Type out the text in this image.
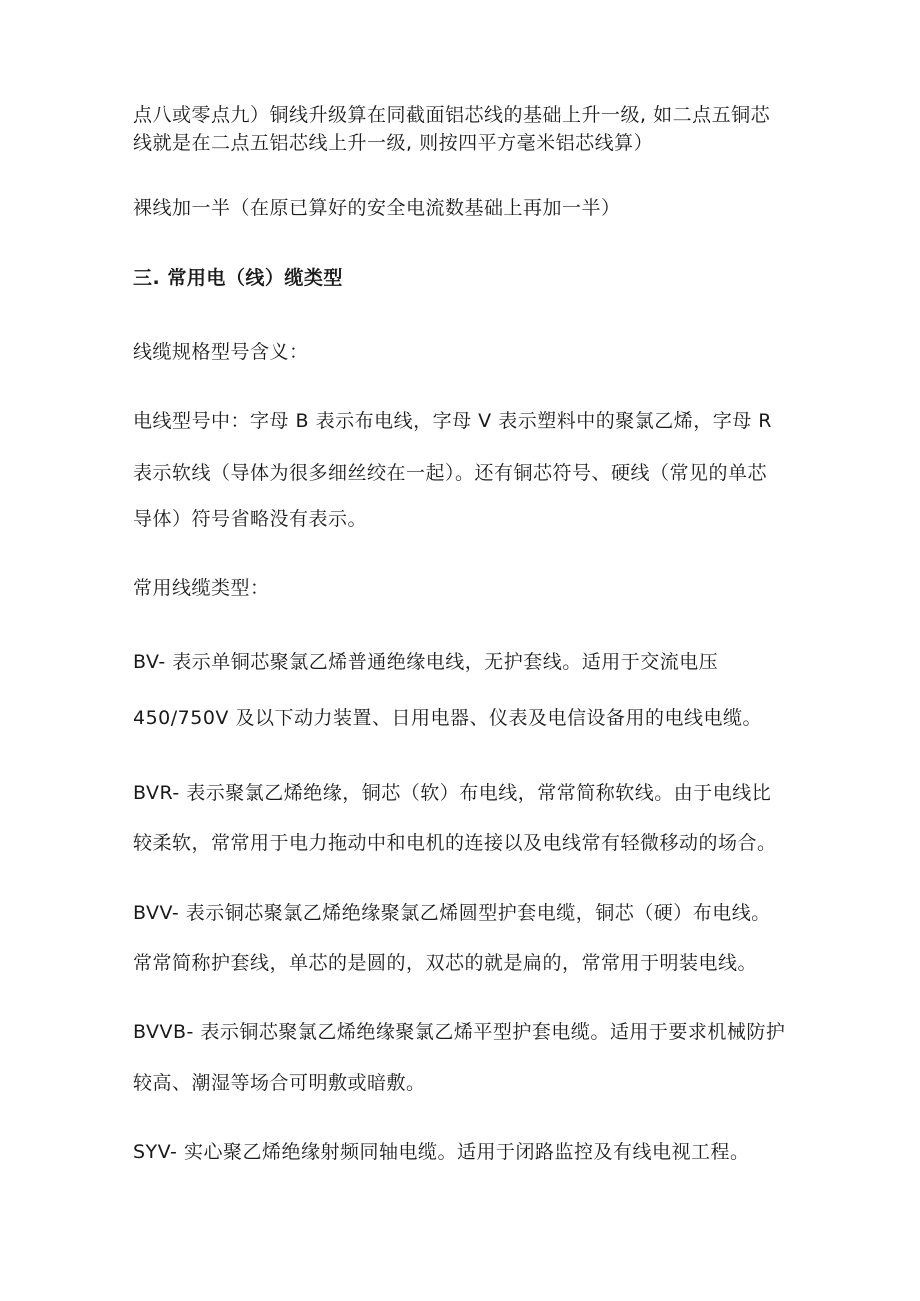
点八或零点九）铜线升级算在同截面铝芯线的基础上升一级, 如二点五铜芯
线就是在二点五铝芯线上升一级, 则按四平方毫米铝芯线算）
裸线加一半（在原已算好的安全电流数基础上再加一半）
三. 常用电（线）缆类型
线缆规格型号含义：
电线型号中：字母 B 表示布电线，字母 V 表示塑料中的聚氯乙烯，字母 R
表示软线（导体为很多细丝绞在一起）。还有铜芯符号、硬线（常见的单芯
导体）符号省略没有表示。
常用线缆类型：
BV- 表示单铜芯聚氯乙烯普通绝缘电线，无护套线。适用于交流电压
450/750V 及以下动力装置、日用电器、仪表及电信设备用的电线电缆。
BVR- 表示聚氯乙烯绝缘，铜芯（软）布电线，常常简称软线。由于电线比
较柔软，常常用于电力拖动中和电机的连接以及电线常有轻微移动的场合。
BVV- 表示铜芯聚氯乙烯绝缘聚氯乙烯圆型护套电缆，铜芯（硬）布电线。
常常简称护套线，单芯的是圆的，双芯的就是扁的，常常用于明装电线。
BVVB- 表示铜芯聚氯乙烯绝缘聚氯乙烯平型护套电缆。适用于要求机械防护
较高、潮湿等场合可明敷或暗敷。
SYV- 实心聚乙烯绝缘射频同轴电缆。适用于闭路监控及有线电视工程。
